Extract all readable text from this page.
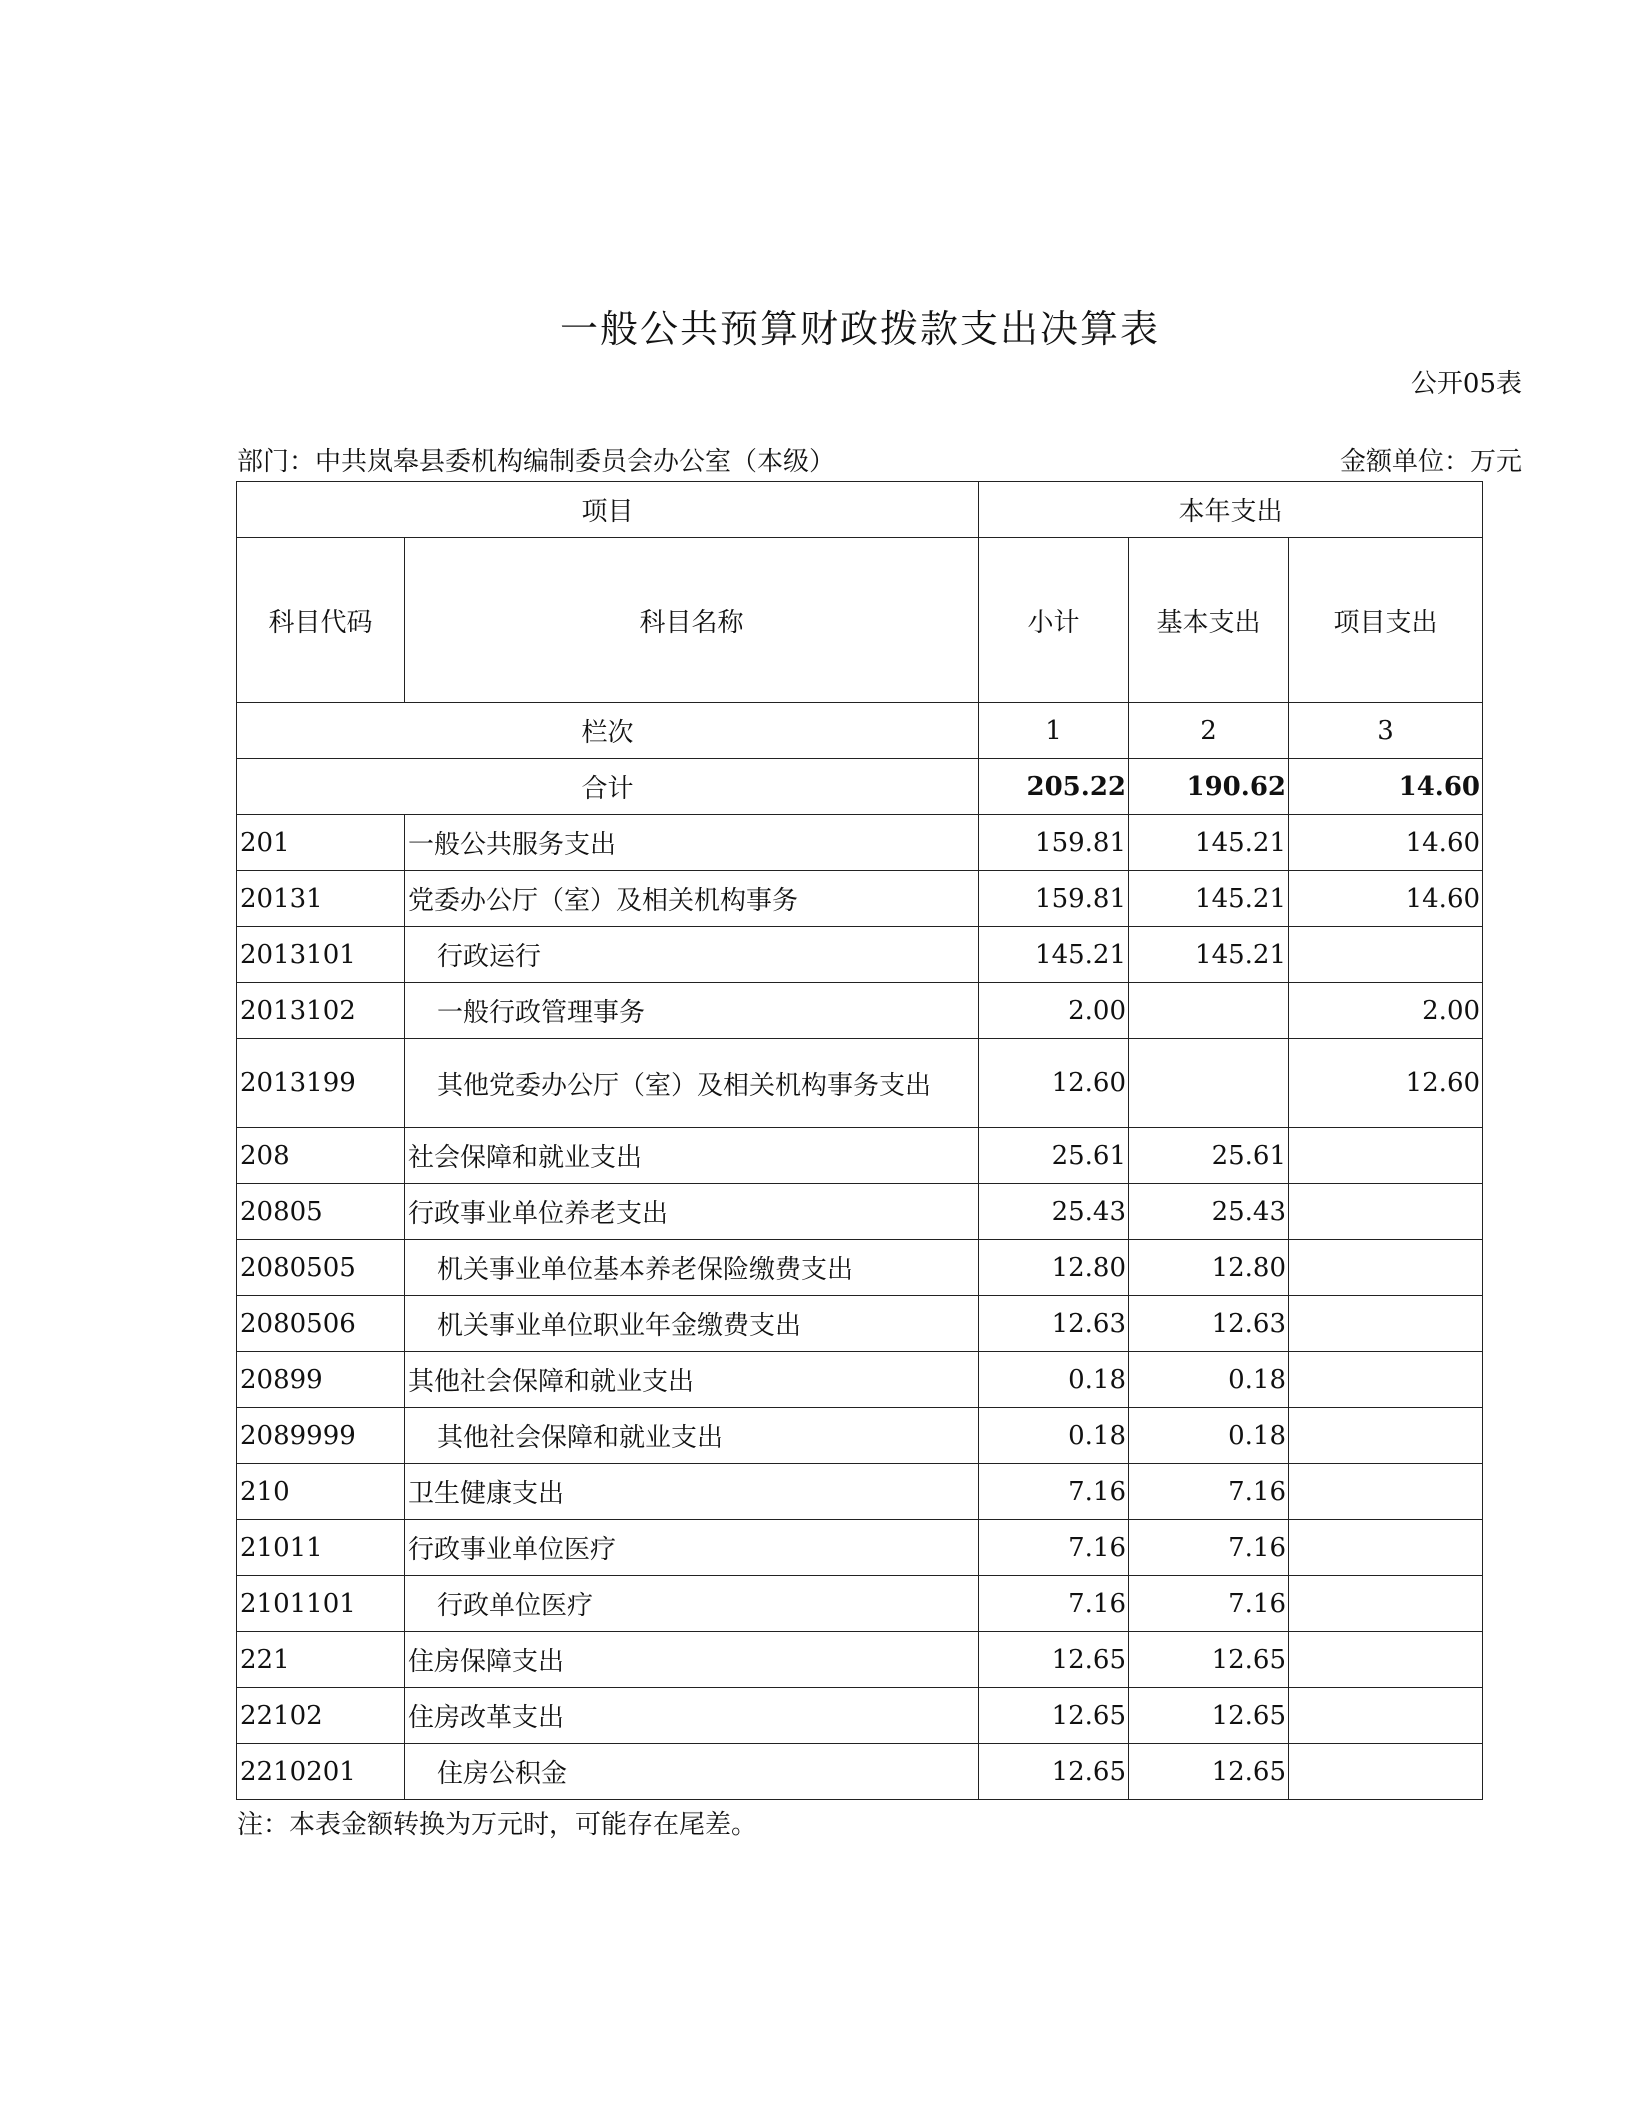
一般公共预算财政拨款支出决算表
公开05表
部门：中共岚皋县委机构编制委员会办公室（本级）	金额单位：万元
项目		本年支出		
科目代码	科目名称	小计	基本支出	项目支出
栏次		1	2	3
合计		205.22	190.62	14.60
201	一般公共服务支出	159.81	145.21	14.60
20131	党委办公厅（室）及相关机构事务	159.81	145.21	14.60
2013101	行政运行	145.21	145.21	
2013102	一般行政管理事务	2.00		2.00
2013199	其他党委办公厅（室）及相关机构事务支出	12.60		12.60
208	社会保障和就业支出	25.61	25.61	
20805	行政事业单位养老支出	25.43	25.43	
2080505	机关事业单位基本养老保险缴费支出	12.80	12.80	
2080506	机关事业单位职业年金缴费支出	12.63	12.63	
20899	其他社会保障和就业支出	0.18	0.18	
2089999	其他社会保障和就业支出	0.18	0.18	
210	卫生健康支出	7.16	7.16	
21011	行政事业单位医疗	7.16	7.16	
2101101	行政单位医疗	7.16	7.16	
221	住房保障支出	12.65	12.65	
22102	住房改革支出	12.65	12.65	
2210201	住房公积金	12.65	12.65	
注：本表金额转换为万元时，可能存在尾差。
